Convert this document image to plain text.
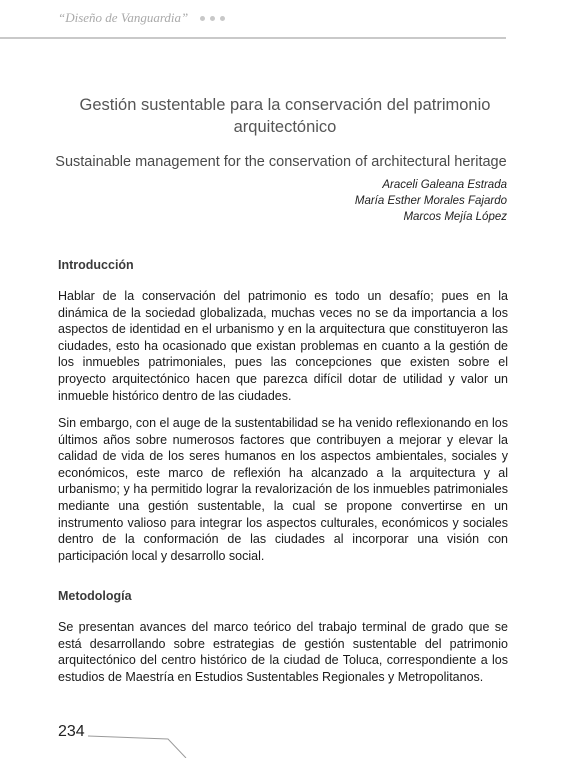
“Diseño de Vanguardia”
Gestión sustentable para la conservación del patrimonio arquitectónico
Sustainable management for the conservation of architectural heritage
Araceli Galeana Estrada
María Esther Morales Fajardo
Marcos Mejía López
Introducción
Hablar de la conservación del patrimonio es todo un desafío; pues en la dinámica de la sociedad globalizada, muchas veces no se da importancia a los aspectos de identidad en el urbanismo y en la arquitectura que constituyeron las ciudades, esto ha ocasionado que existan problemas en cuanto a la gestión de los inmuebles patrimoniales, pues las concepciones que existen sobre el proyecto arquitectónico hacen que parezca difícil dotar de utilidad y valor un inmueble histórico dentro de las ciudades.
Sin embargo, con el auge de la sustentabilidad se ha venido reflexionando en los últimos años sobre numerosos factores que contribuyen a mejorar y elevar la calidad de vida de los seres humanos en los aspectos ambientales, sociales y económicos, este marco de reflexión ha alcanzado a la arquitectura y al urbanismo; y ha permitido lograr la revalorización de los inmuebles patrimoniales mediante una gestión sustentable, la cual se propone convertirse en un instrumento valioso para integrar los aspectos culturales, económicos y sociales dentro de la conformación de las ciudades al incorporar una visión con participación local y desarrollo social.
Metodología
Se presentan avances del marco teórico del trabajo terminal de grado que se está desarrollando sobre estrategias de gestión sustentable del patrimonio arquitectónico del centro histórico de la ciudad de Toluca, correspondiente a los estudios de Maestría en Estudios Sustentables Regionales y Metropolitanos.
234
